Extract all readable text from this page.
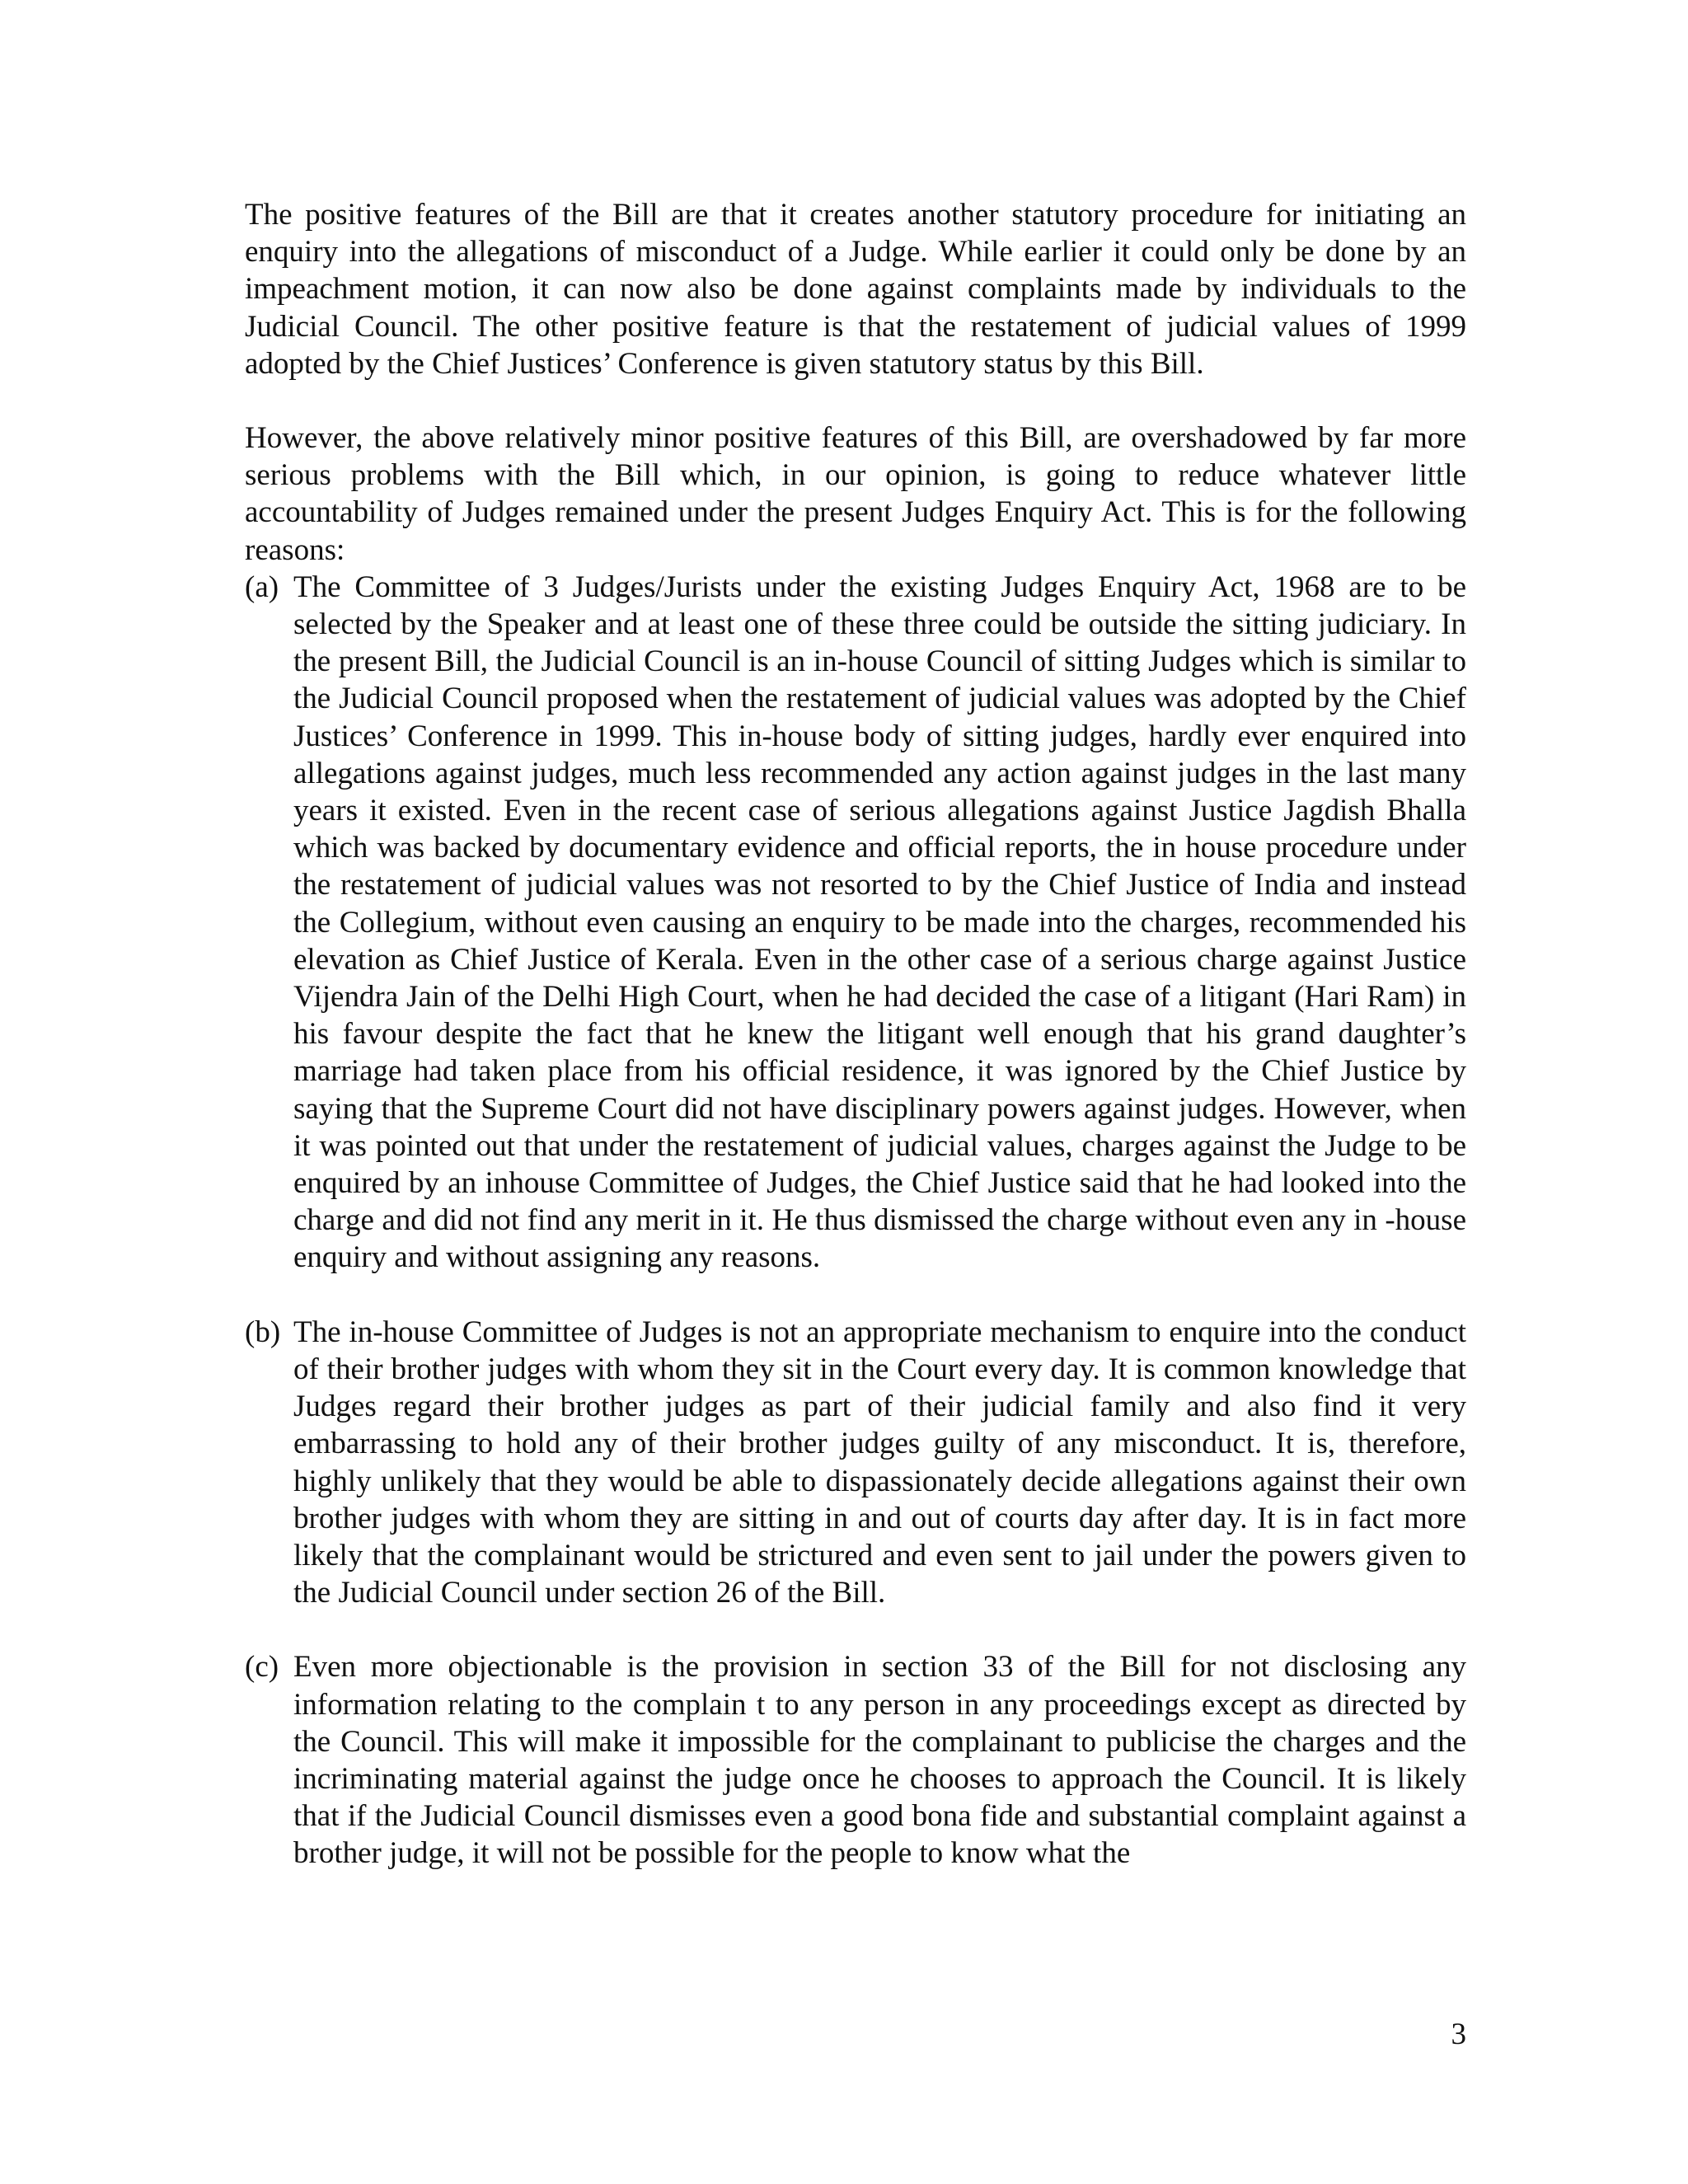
The positive features of the Bill are that it creates another statutory procedure for initiating an enquiry into the allegations of misconduct of a Judge. While earlier it could only be done by an impeachment motion, it can now also be done against complaints made by individuals to the Judicial Council. The other positive feature is that the restatement of judicial values of 1999 adopted by the Chief Justices’ Conference is given statutory status by this Bill.

However, the above relatively minor positive features of this Bill, are overshadowed by far more serious problems with the Bill which, in our opinion, is going to reduce whatever little accountability of Judges remained under the present Judges Enquiry Act. This is for the following reasons:

(a) The Committee of 3 Judges/Jurists under the existing Judges Enquiry Act, 1968 are to be selected by the Speaker and at least one of these three could be outside the sitting judiciary. In the present Bill, the Judicial Council is an in-house Council of sitting Judges which is similar to the Judicial Council proposed when the restatement of judicial values was adopted by the Chief Justices’ Conference in 1999. This in-house body of sitting judges, hardly ever enquired into allegations against judges, much less recommended any action against judges in the last many years it existed. Even in the recent case of serious allegations against Justice Jagdish Bhalla which was backed by documentary evidence and official reports, the in house procedure under the restatement of judicial values was not resorted to by the Chief Justice of India and instead the Collegium, without even causing an enquiry to be made into the charges, recommended his elevation as Chief Justice of Kerala. Even in the other case of a serious charge against Justice Vijendra Jain of the Delhi High Court, when he had decided the case of a litigant (Hari Ram) in his favour despite the fact that he knew the litigant well enough that his grand daughter’s marriage had taken place from his official residence, it was ignored by the Chief Justice by saying that the Supreme Court did not have disciplinary powers against judges. However, when it was pointed out that under the restatement of judicial values, charges against the Judge to be enquired by an inhouse Committee of Judges, the Chief Justice said that he had looked into the charge and did not find any merit in it. He thus dismissed the charge without even any in -house enquiry and without assigning any reasons.
(b) The in-house Committee of Judges is not an appropriate mechanism to enquire into the conduct of their brother judges with whom they sit in the Court every day. It is common knowledge that Judges regard their brother judges as part of their judicial family and also find it very embarrassing to hold any of their brother judges guilty of any misconduct. It is, therefore, highly unlikely that they would be able to dispassionately decide allegations against their own brother judges with whom they are sitting in and out of courts day after day. It is in fact more likely that the complainant would be strictured and even sent to jail under the powers given to the Judicial Council under section 26 of the Bill.
(c) Even more objectionable is the provision in section 33 of the Bill for not disclosing any information relating to the complain t to any person in any proceedings except as directed by the Council. This will make it impossible for the complainant to publicise the charges and the incriminating material against the judge once he chooses to approach the Council. It is likely that if the Judicial Council dismisses even a good bona fide and substantial complaint against a brother judge, it will not be possible for the people to know what the
3
